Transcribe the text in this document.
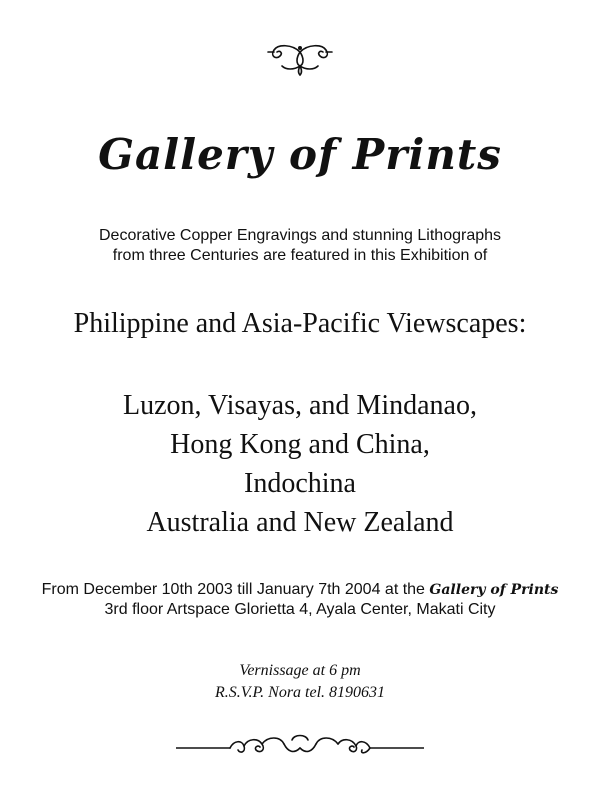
Gallery of Prints
Decorative Copper Engravings and stunning Lithographs
from three Centuries are featured in this Exhibition of
Philippine and Asia-Pacific Viewscapes:
Luzon, Visayas, and Mindanao,
Hong Kong and China,
Indochina
Australia and New Zealand
From December 10th 2003 till January 7th 2004 at the Gallery of Prints
3rd floor Artspace Glorietta 4, Ayala Center, Makati City
Vernissage at 6 pm
R.S.V.P. Nora tel. 8190631
